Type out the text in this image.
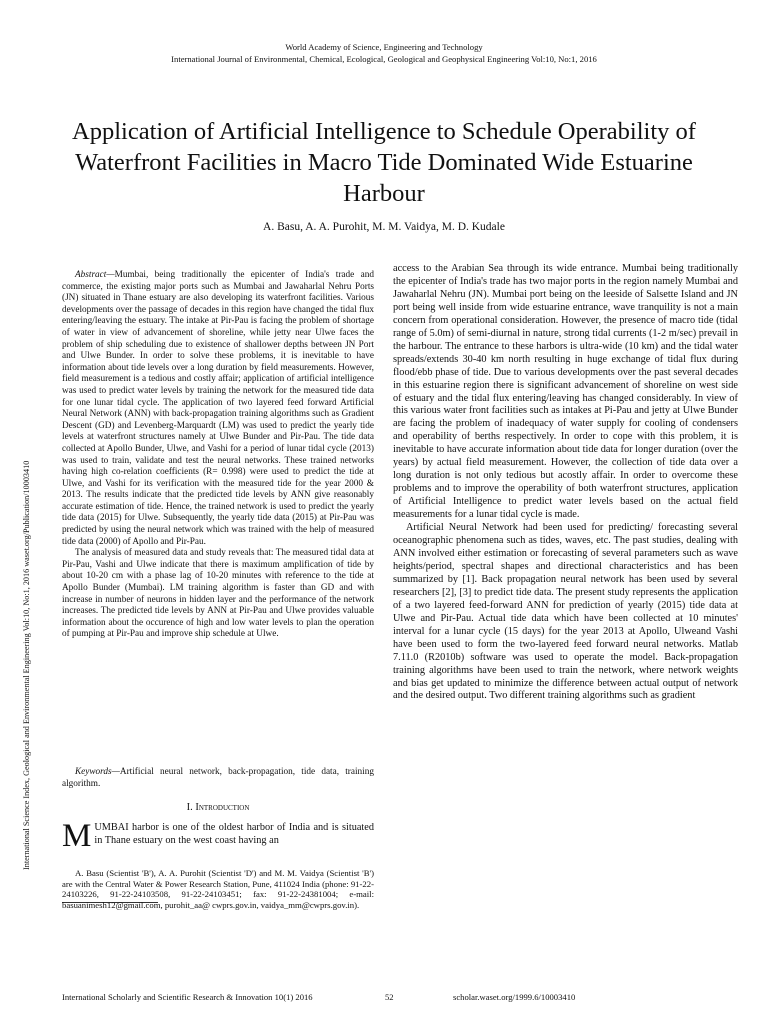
World Academy of Science, Engineering and Technology
International Journal of Environmental, Chemical, Ecological, Geological and Geophysical Engineering Vol:10, No:1, 2016
Application of Artificial Intelligence to Schedule Operability of Waterfront Facilities in Macro Tide Dominated Wide Estuarine Harbour
A. Basu, A. A. Purohit, M. M. Vaidya, M. D. Kudale
International Science Index, Geological and Environmental Engineering Vol:10, No:1, 2016 waset.org/Publication/10003410

Abstract—Mumbai, being traditionally the epicenter of India's trade and commerce, the existing major ports such as Mumbai and Jawaharlal Nehru Ports (JN) situated in Thane estuary are also developing its waterfront facilities. Various developments over the passage of decades in this region have changed the tidal flux entering/leaving the estuary. The intake at Pir-Pau is facing the problem of shortage of water in view of advancement of shoreline, while jetty near Ulwe faces the problem of ship scheduling due to existence of shallower depths between JN Port and Ulwe Bunder. In order to solve these problems, it is inevitable to have information about tide levels over a long duration by field measurements. However, field measurement is a tedious and costly affair; application of artificial intelligence was used to predict water levels by training the network for the measured tide data for one lunar tidal cycle. The application of two layered feed forward Artificial Neural Network (ANN) with back-propagation training algorithms such as Gradient Descent (GD) and Levenberg-Marquardt (LM) was used to predict the yearly tide levels at waterfront structures namely at Ulwe Bunder and Pir-Pau. The tide data collected at Apollo Bunder, Ulwe, and Vashi for a period of lunar tidal cycle (2013) was used to train, validate and test the neural networks. These trained networks having high co-relation coefficients (R= 0.998) were used to predict the tide at Ulwe, and Vashi for its verification with the measured tide for the year 2000 & 2013. The results indicate that the predicted tide levels by ANN give reasonably accurate estimation of tide. Hence, the trained network is used to predict the yearly tide data (2015) for Ulwe. Subsequently, the yearly tide data (2015) at Pir-Pau was predicted by using the neural network which was trained with the help of measured tide data (2000) of Apollo and Pir-Pau.

The analysis of measured data and study reveals that: The measured tidal data at Pir-Pau, Vashi and Ulwe indicate that there is maximum amplification of tide by about 10-20 cm with a phase lag of 10-20 minutes with reference to the tide at Apollo Bunder (Mumbai). LM training algorithm is faster than GD and with increase in number of neurons in hidden layer and the performance of the network increases. The predicted tide levels by ANN at Pir-Pau and Ulwe provides valuable information about the occurence of high and low water levels to plan the operation of pumping at Pir-Pau and improve ship schedule at Ulwe.

Keywords—Artificial neural network, back-propagation, tide data, training algorithm.

I. Introduction
MUMBAI harbor is one of the oldest harbor of India and is situated in Thane estuary on the west coast having an

A. Basu (Scientist 'B'), A. A. Purohit (Scientist 'D') and M. M. Vaidya (Scientist 'B') are with the Central Water & Power Research Station, Pune, 411024 India (phone: 91-22-24103226, 91-22-24103508, 91-22-24103451; fax: 91-22-24381004; e-mail: basuanimesh12@gmail.com, purohit_aa@ cwprs.gov.in, vaidya_mm@cwprs.gov.in).

access to the Arabian Sea through its wide entrance. Mumbai being traditionally the epicenter of India's trade has two major ports in the region namely Mumbai and Jawaharlal Nehru (JN). Mumbai port being on the leeside of Salsette Island and JN port being well inside from wide estuarine entrance, wave tranquility is not a main concern from operational consideration. However, the presence of macro tide (tidal range of 5.0m) of semi-diurnal in nature, strong tidal currents (1-2 m/sec) prevail in the harbour. The entrance to these harbors is ultra-wide (10 km) and the tidal water spreads/extends 30-40 km north resulting in huge exchange of tidal flux during flood/ebb phase of tide. Due to various developments over the past several decades in this estuarine region there is significant advancement of shoreline on west side of estuary and the tidal flux entering/leaving has changed considerably. In view of this various water front facilities such as intakes at Pi-Pau and jetty at Ulwe Bunder are facing the problem of inadequacy of water supply for cooling of condensers and operability of berths respectively. In order to cope with this problem, it is inevitable to have accurate information about tide data for longer duration (over the years) by actual field measurement. However, the collection of tide data over a long duration is not only tedious but acostly affair. In order to overcome these problems and to improve the operability of both waterfront structures, application of Artificial Intelligence to predict water levels based on the actual field measurements for a lunar tidal cycle is made.

Artificial Neural Network had been used for predicting/ forecasting several oceanographic phenomena such as tides, waves, etc. The past studies, dealing with ANN involved either estimation or forecasting of several parameters such as wave heights/period, spectral shapes and directional characteristics and has been summarized by [1]. Back propagation neural network has been used by several researchers [2], [3] to predict tide data. The present study represents the application of a two layered feed-forward ANN for prediction of yearly (2015) tide data at Ulwe and Pir-Pau. Actual tide data which have been collected at 10 minutes' interval for a lunar cycle (15 days) for the year 2013 at Apollo, Ulweand Vashi have been used to form the two-layered feed forward neural networks. Matlab 7.11.0 (R2010b) software was used to operate the model. Back-propagation training algorithms have been used to train the network, where network weights and bias get updated to minimize the difference between actual output of network and the desired output. Two different training algorithms such as gradient

International Scholarly and Scientific Research & Innovation 10(1) 2016	52	scholar.waset.org/1999.6/10003410
